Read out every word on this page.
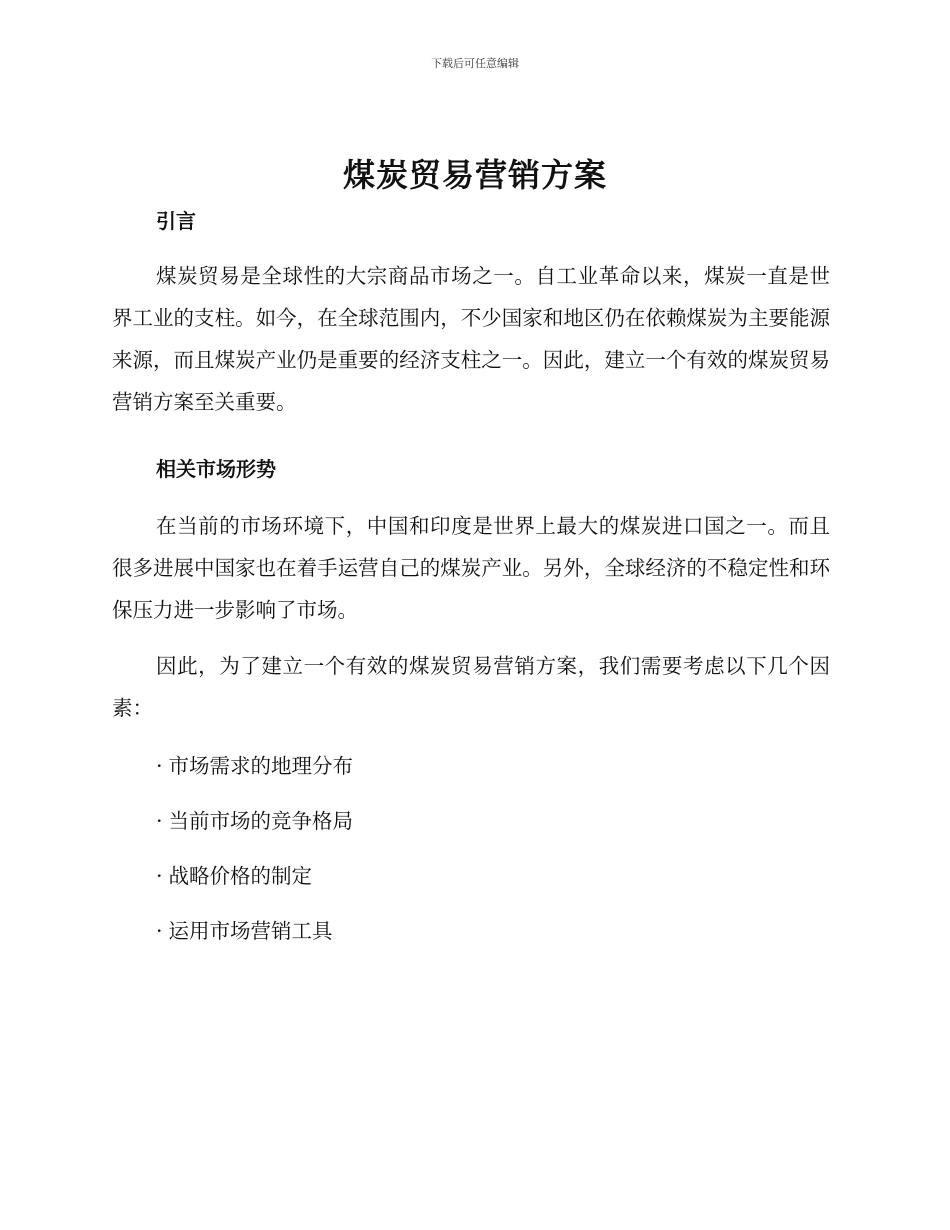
下载后可任意编辑
煤炭贸易营销方案
引言

煤炭贸易是全球性的大宗商品市场之一。自工业革命以来，煤炭一直是世界工业的支柱。如今，在全球范围内，不少国家和地区仍在依赖煤炭为主要能源来源，而且煤炭产业仍是重要的经济支柱之一。因此，建立一个有效的煤炭贸易营销方案至关重要。

相关市场形势

在当前的市场环境下，中国和印度是世界上最大的煤炭进口国之一。而且很多进展中国家也在着手运营自己的煤炭产业。另外，全球经济的不稳定性和环保压力进一步影响了市场。

因此，为了建立一个有效的煤炭贸易营销方案，我们需要考虑以下几个因素：

· 市场需求的地理分布
· 当前市场的竞争格局
· 战略价格的制定
· 运用市场营销工具
